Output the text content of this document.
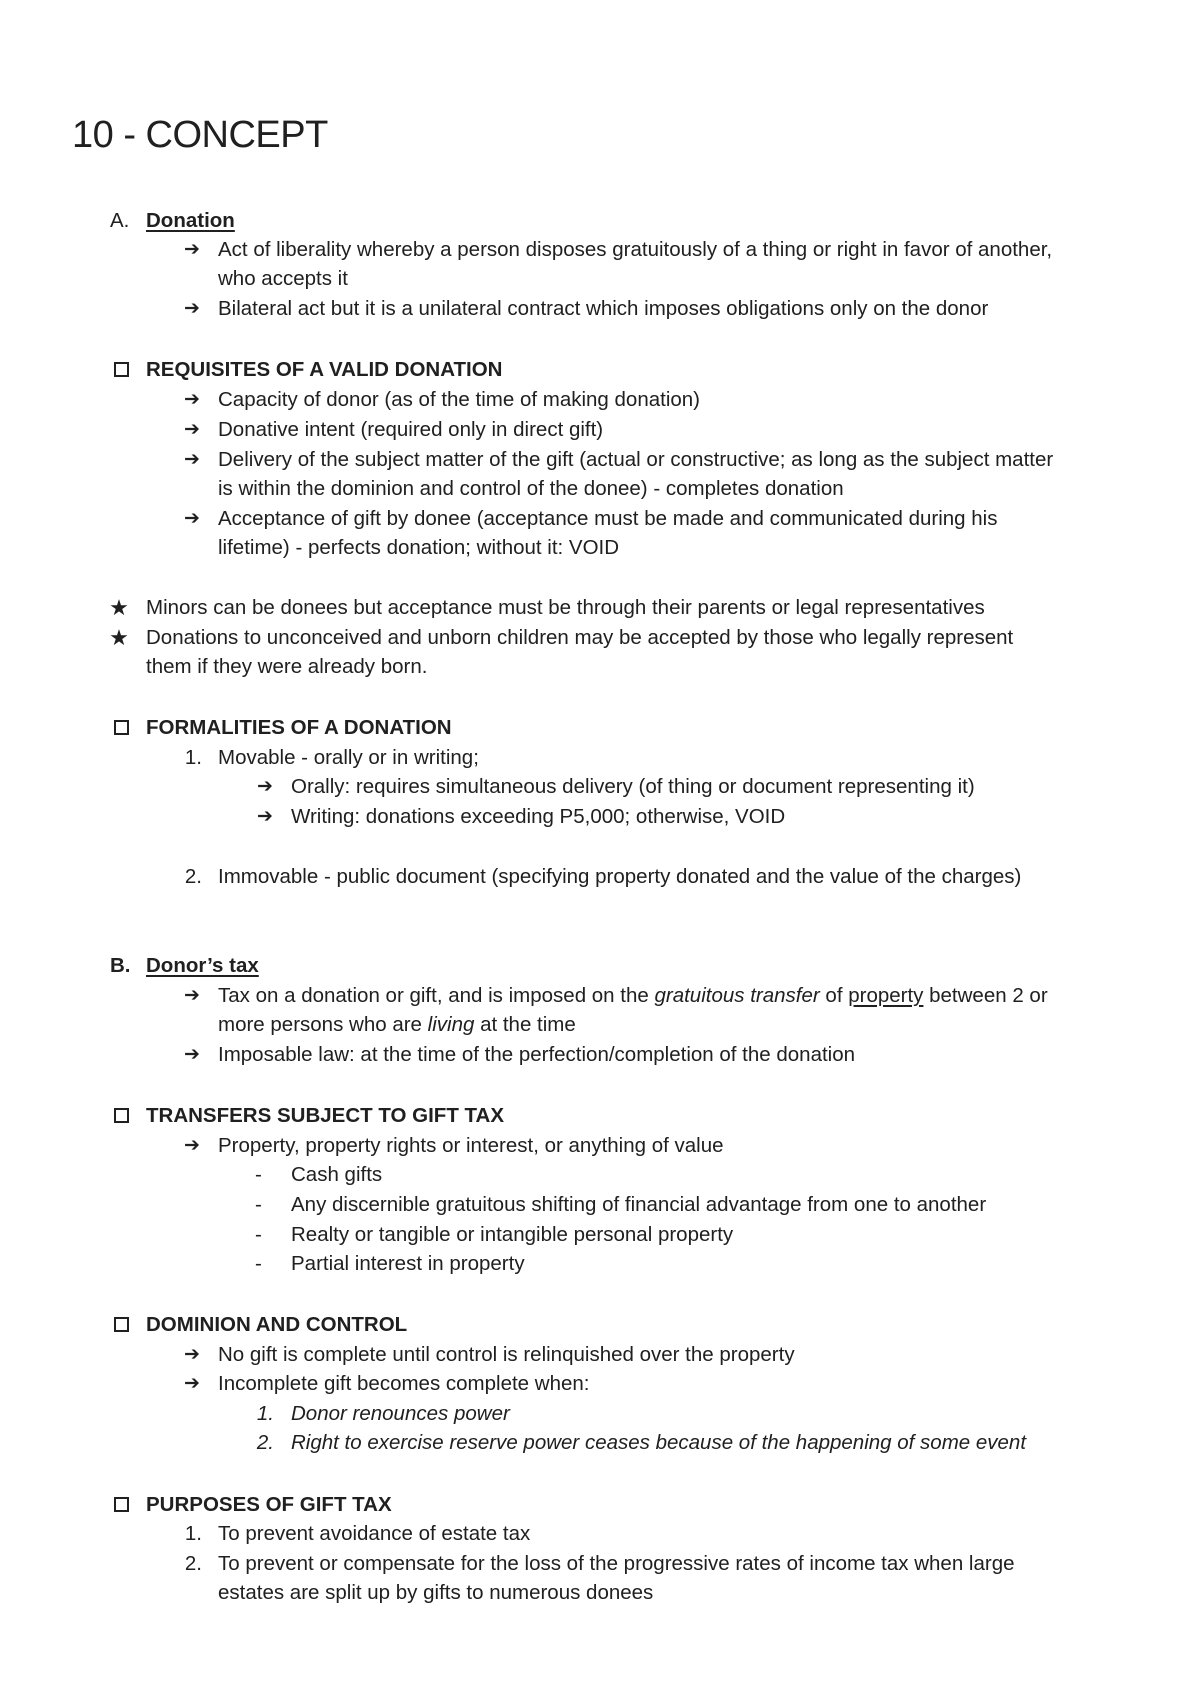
10 - CONCEPT
A. Donation
➔ Act of liberality whereby a person disposes gratuitously of a thing or right in favor of another,
who accepts it
➔ Bilateral act but it is a unilateral contract which imposes obligations only on the donor
REQUISITES OF A VALID DONATION
➔ Capacity of donor (as of the time of making donation)
➔ Donative intent (required only in direct gift)
➔ Delivery of the subject matter of the gift (actual or constructive; as long as the subject matter
is within the dominion and control of the donee) - completes donation
➔ Acceptance of gift by donee (acceptance must be made and communicated during his
lifetime) - perfects donation; without it: VOID
★ Minors can be donees but acceptance must be through their parents or legal representatives
★ Donations to unconceived and unborn children may be accepted by those who legally represent
them if they were already born.
FORMALITIES OF A DONATION
1. Movable - orally or in writing;
➔ Orally: requires simultaneous delivery (of thing or document representing it)
➔ Writing: donations exceeding P5,000; otherwise, VOID
2. Immovable - public document (specifying property donated and the value of the charges)
B. Donor’s tax
➔ Tax on a donation or gift, and is imposed on the gratuitous transfer of property between 2 or
more persons who are living at the time
➔ Imposable law: at the time of the perfection/completion of the donation
TRANSFERS SUBJECT TO GIFT TAX
➔ Property, property rights or interest, or anything of value
- Cash gifts
- Any discernible gratuitous shifting of financial advantage from one to another
- Realty or tangible or intangible personal property
- Partial interest in property
DOMINION AND CONTROL
➔ No gift is complete until control is relinquished over the property
➔ Incomplete gift becomes complete when:
1. Donor renounces power
2. Right to exercise reserve power ceases because of the happening of some event
PURPOSES OF GIFT TAX
1. To prevent avoidance of estate tax
2. To prevent or compensate for the loss of the progressive rates of income tax when large
estates are split up by gifts to numerous donees
